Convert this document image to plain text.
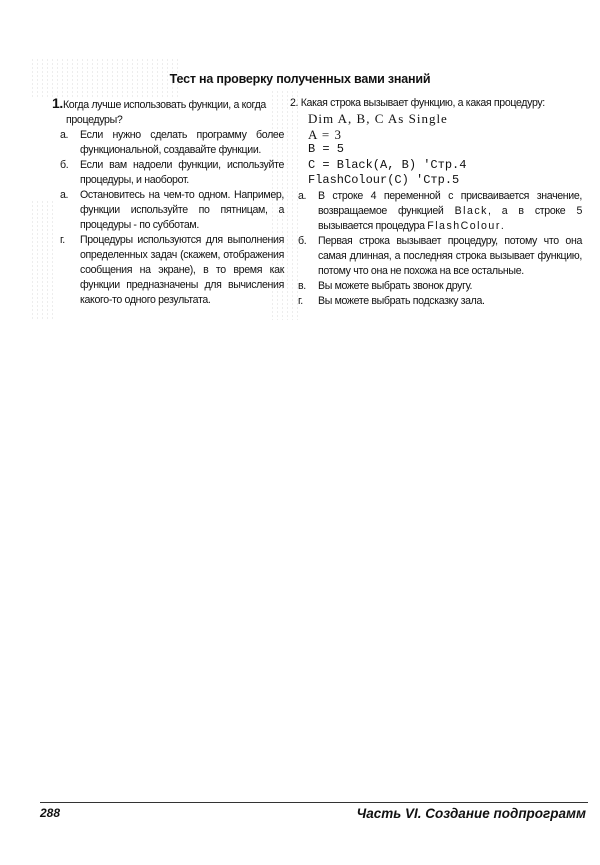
Тест на проверку полученных вами знаний

1.Когда лучше использовать функции, а когда процедуры?

а.	Если нужно сделать программу более функциональной, создавайте функции.
б.	Если вам надоели функции, используйте процедуры, и наоборот.
а.	Остановитесь на чем-то одном. Например, функции используйте по пятницам, а процедуры - по субботам.
г.	Процедуры используются для выполнения определенных задач (скажем, отображения сообщения на экране), в то время как функции предназначены для вычисления какого-то одного результата.

2. Какая строка вызывает функцию, а какая процедуру:

Dim A, B, C As Single
A = 3
B = 5
C = Black(A, B) 'Стр.4
FlashColour(C) 'Стр.5
а.	В строке 4 переменной с присваивается значение, возвращаемое функцией Black, а в строке 5 вызывается процедура FlashColour.
б.	Первая строка вызывает процедуру, потому что она самая длинная, а последняя строка вызывает функцию, потому что она не похожа на все остальные.
в.	Вы можете выбрать звонок другу.
г.	Вы можете выбрать подсказку зала.
288	Часть VI. Создание подпрограмм
